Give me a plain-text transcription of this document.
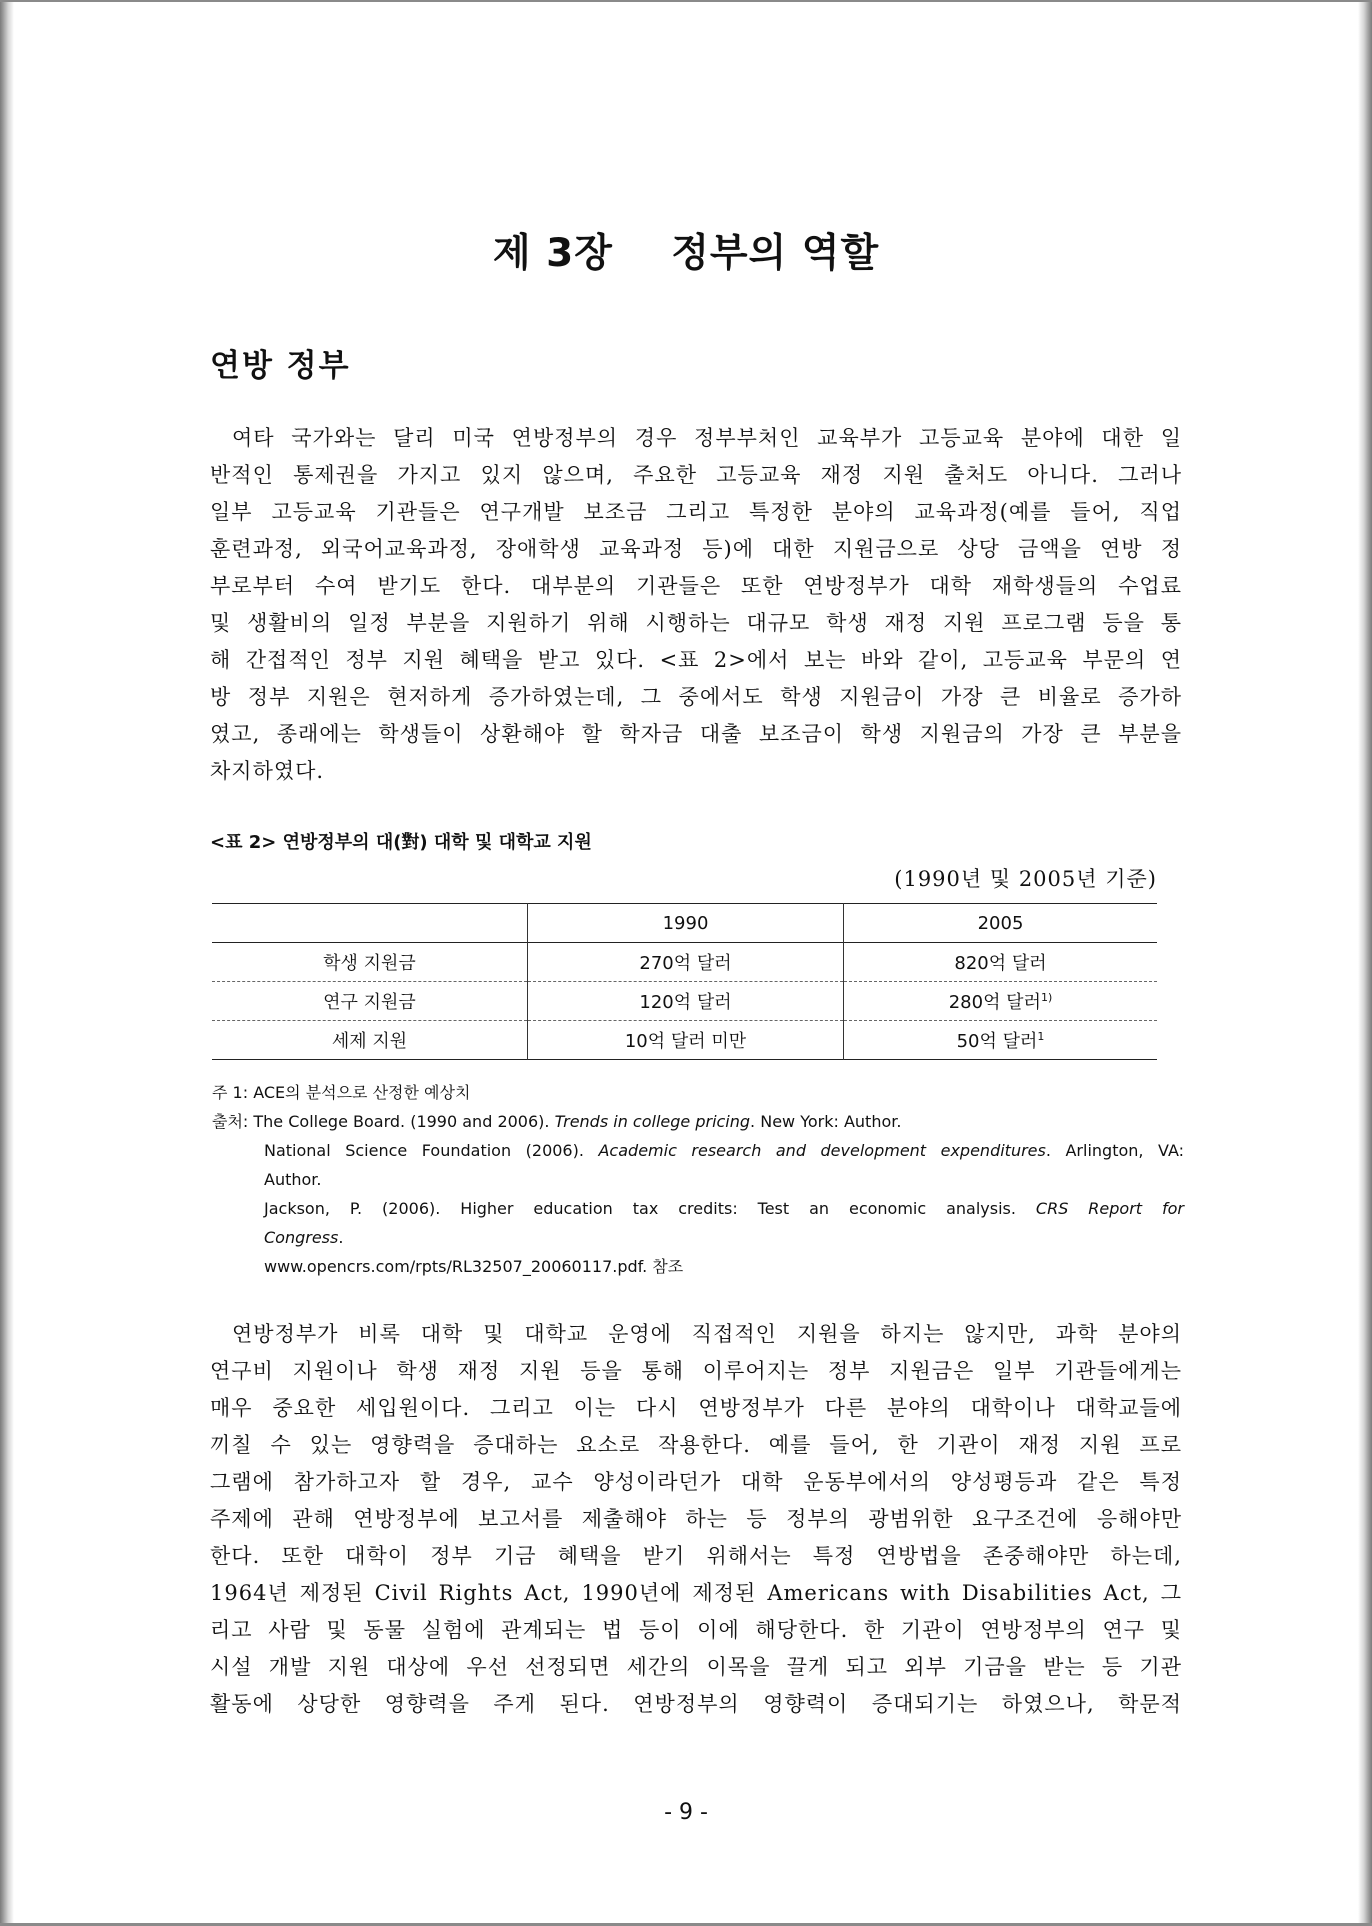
제 3장    정부의 역할
연방 정부
여타 국가와는 달리 미국 연방정부의 경우 정부부처인 교육부가 고등교육 분야에 대한 일
반적인 통제권을 가지고 있지 않으며, 주요한 고등교육 재정 지원 출처도 아니다. 그러나
일부 고등교육 기관들은 연구개발 보조금 그리고 특정한 분야의 교육과정(예를 들어, 직업
훈련과정, 외국어교육과정, 장애학생 교육과정 등)에 대한 지원금으로 상당 금액을 연방 정
부로부터 수여 받기도 한다. 대부분의 기관들은 또한 연방정부가 대학 재학생들의 수업료
및 생활비의 일정 부분을 지원하기 위해 시행하는 대규모 학생 재정 지원 프로그램 등을 통
해 간접적인 정부 지원 혜택을 받고 있다. <표 2>에서 보는 바와 같이, 고등교육 부문의 연
방 정부 지원은 현저하게 증가하였는데, 그 중에서도 학생 지원금이 가장 큰 비율로 증가하
였고, 종래에는 학생들이 상환해야 할 학자금 대출 보조금이 학생 지원금의 가장 큰 부분을
차지하였다.
<표 2> 연방정부의 대(對) 대학 및 대학교 지원
(1990년 및 2005년 기준)
	1990	2005
학생 지원금	270억 달러	820억 달러
연구 지원금	120억 달러	280억 달러$^{1)}$
세제 지원	10억 달러 미만	50억 달러$^1$
주 1: ACE의 분석으로 산정한 예상치
출처: The College Board. (1990 and 2006). Trends in college pricing. New York: Author.
National Science Foundation (2006). Academic research and development expenditures. Arlington, VA:
Author.
Jackson, P. (2006). Higher education tax credits: Test an economic analysis. CRS Report for
Congress.
www.opencrs.com/rpts/RL32507_20060117.pdf. 참조
연방정부가 비록 대학 및 대학교 운영에 직접적인 지원을 하지는 않지만, 과학 분야의
연구비 지원이나 학생 재정 지원 등을 통해 이루어지는 정부 지원금은 일부 기관들에게는
매우 중요한 세입원이다. 그리고 이는 다시 연방정부가 다른 분야의 대학이나 대학교들에
끼칠 수 있는 영향력을 증대하는 요소로 작용한다. 예를 들어, 한 기관이 재정 지원 프로
그램에 참가하고자 할 경우, 교수 양성이라던가 대학 운동부에서의 양성평등과 같은 특정
주제에 관해 연방정부에 보고서를 제출해야 하는 등 정부의 광범위한 요구조건에 응해야만
한다. 또한 대학이 정부 기금 혜택을 받기 위해서는 특정 연방법을 존중해야만 하는데,
1964년 제정된 Civil Rights Act, 1990년에 제정된 Americans with Disabilities Act, 그
리고 사람 및 동물 실험에 관계되는 법 등이 이에 해당한다. 한 기관이 연방정부의 연구 및
시설 개발 지원 대상에 우선 선정되면 세간의 이목을 끌게 되고 외부 기금을 받는 등 기관
활동에 상당한 영향력을 주게 된다. 연방정부의 영향력이 증대되기는 하였으나, 학문적
- 9 -
